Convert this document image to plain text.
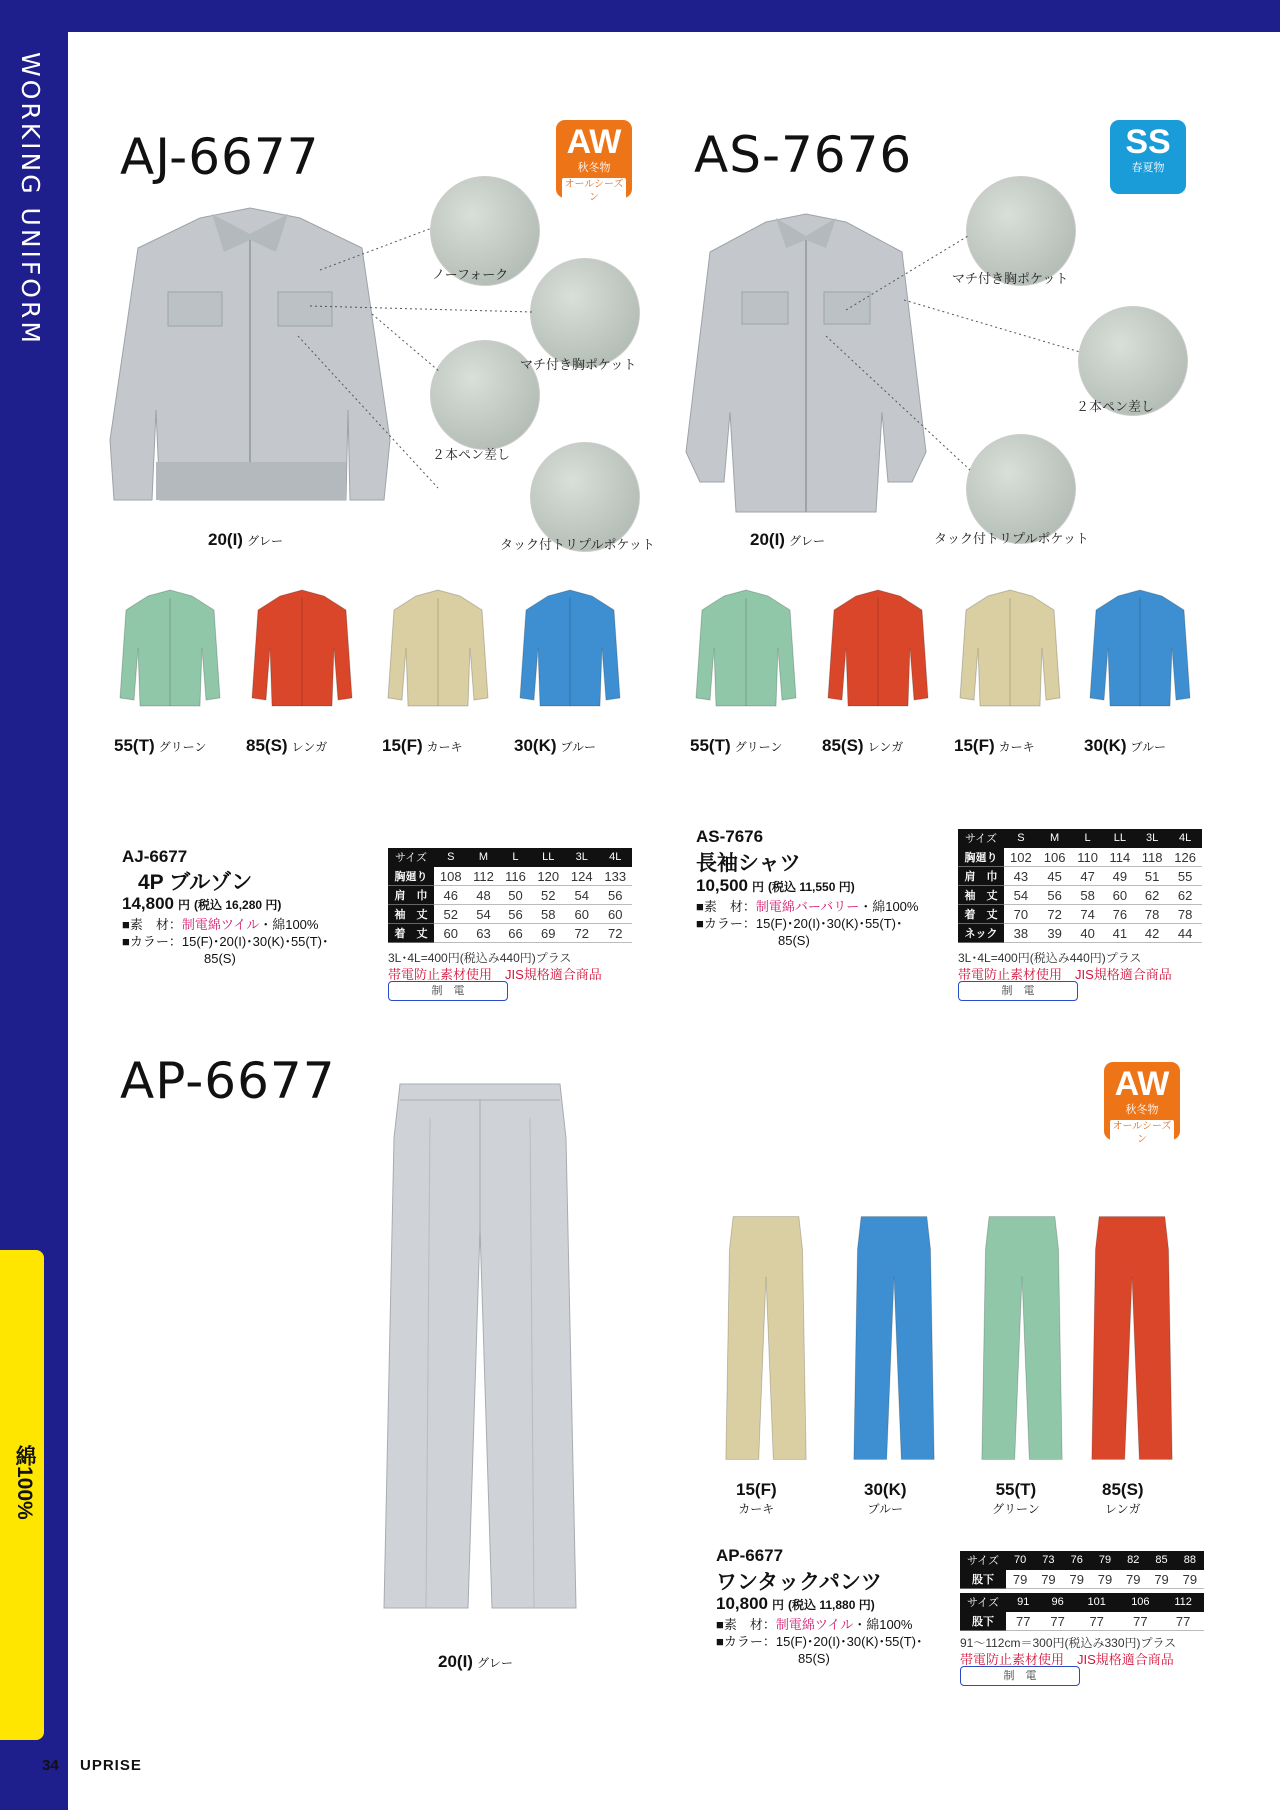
WORKING UNIFORM
綿100%
34 UPRISE
AJ-6677	AW
秋冬物
オールシーズン
ノーフォーク
マチ付き胸ポケット
２本ペン差し
タック付トリプルポケット
20(I) グレー
55(T) グリーン 85(S) レンガ	15(F) カーキ	30(K) ブルー
AS-7676	SS
春夏物
マチ付き胸ポケット
２本ペン差し
タック付トリプルポケット
20(I) グレー
55(T) グリーン 85(S) レンガ	15(F) カーキ	30(K) ブルー
AJ-6677
4P ブルゾン
14,800 円 (税込 16,280 円)
■素　材：制電綿ツイル・綿100%
■カラー：15(F)･20(I)･30(K)･55(T)･
85(S)
サイズ	S	M	L	LL	3L	4L
胸廻り	108	112	116	120	124	133
肩　巾	46	48	50	52	54	56
袖　丈	52	54	56	58	60	60
着　丈	60	63	66	69	72	72
3L･4L=400円(税込み440円)プラス
帯電防止素材使用　JIS規格適合商品
制　電
AS-7676
長袖シャツ
10,500 円 (税込 11,550 円)
■素　材：制電綿バーバリー・綿100%
■カラー：15(F)･20(I)･30(K)･55(T)･
85(S)
サイズ	S	M	L	LL	3L	4L
胸廻り	102	106	110	114	118	126
肩　巾	43	45	47	49	51	55
袖　丈	54	56	58	60	62	62
着　丈	70	72	74	76	78	78
ネック	38	39	40	41	42	44
3L･4L=400円(税込み440円)プラス
帯電防止素材使用　JIS規格適合商品
制　電
AP-6677	AW
秋冬物
オールシーズン
20(I) グレー
15(F)
カーキ
30(K)
ブルー
55(T)
グリーン
85(S)
レンガ
AP-6677
ワンタックパンツ
10,800 円 (税込 11,880 円)
■素　材：制電綿ツイル・綿100%
■カラー：15(F)･20(I)･30(K)･55(T)･
85(S)
サイズ	70	73	76	79	82	85	88
股下	79	79	79	79	79	79	79
サイズ	91	96	101	106	112
股下	77	77	77	77	77
91～112cm＝300円(税込み330円)プラス
帯電防止素材使用　JIS規格適合商品
制　電
